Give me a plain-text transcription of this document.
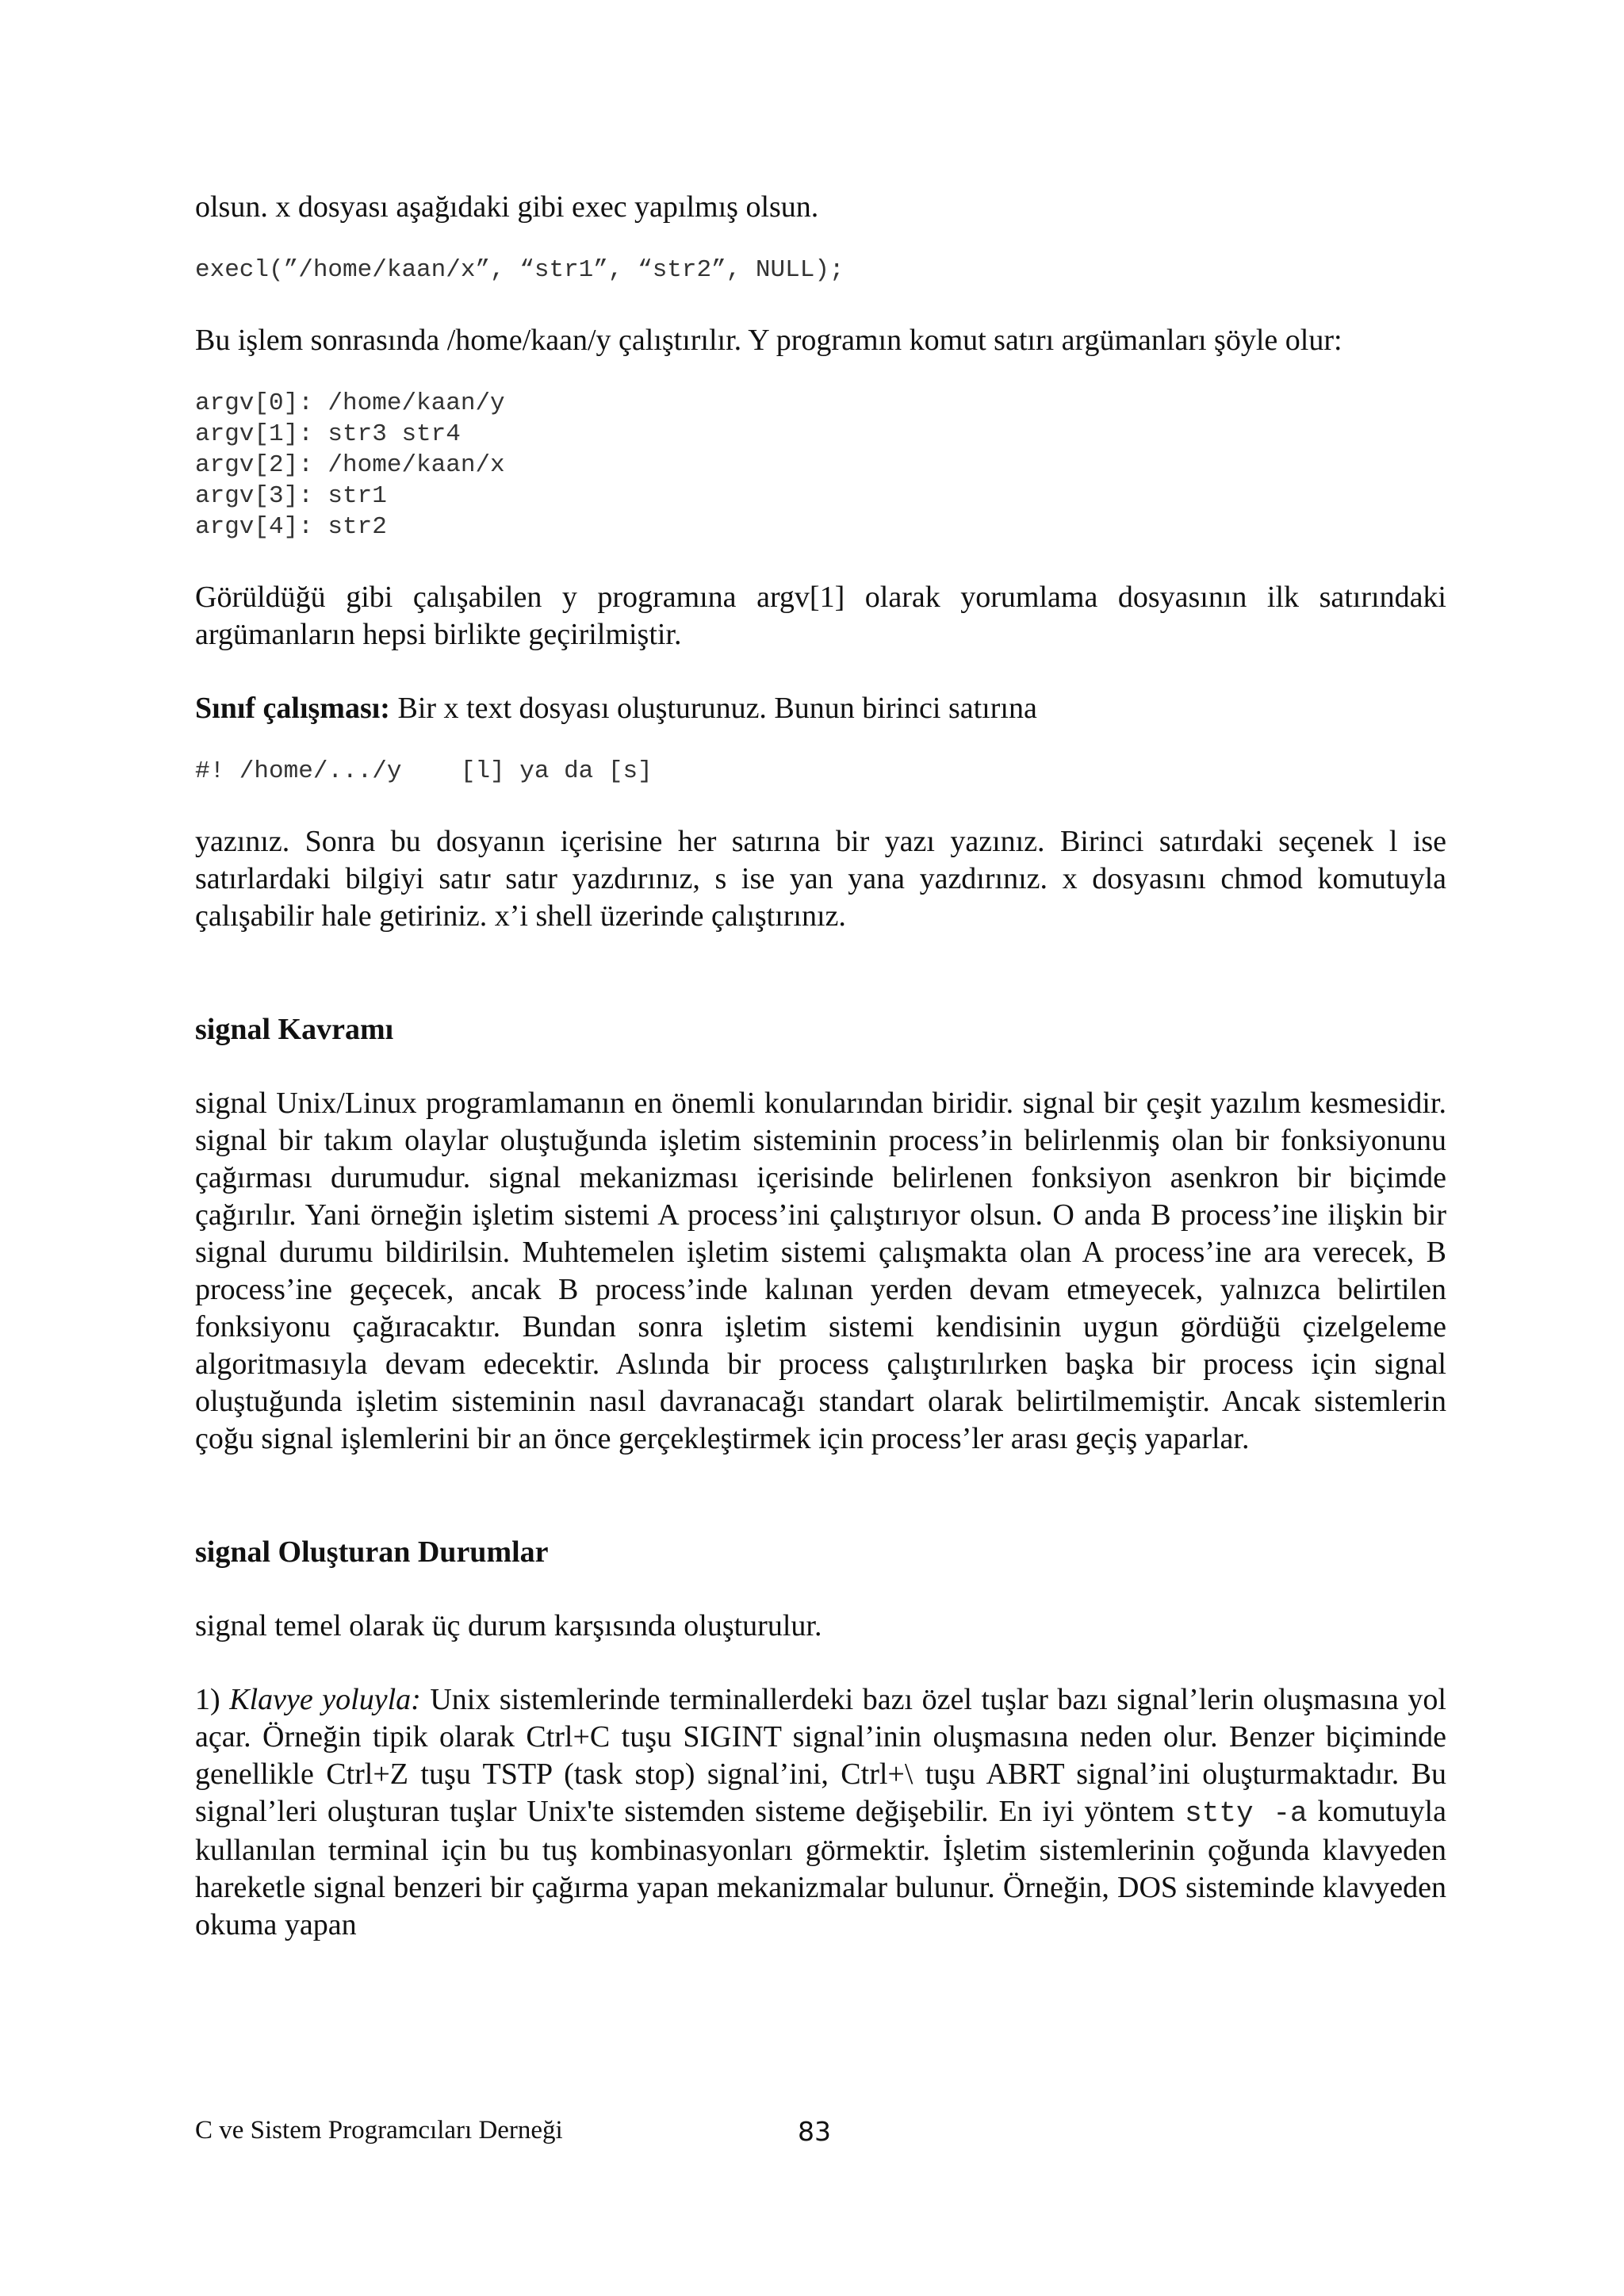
olsun. x dosyası aşağıdaki gibi exec yapılmış olsun.

execl(”/home/kaan/x”, “str1”, “str2”, NULL);

Bu işlem sonrasında /home/kaan/y çalıştırılır. Y programın komut satırı argümanları şöyle olur:

argv[0]: /home/kaan/y
argv[1]: str3 str4
argv[2]: /home/kaan/x
argv[3]: str1
argv[4]: str2

Görüldüğü gibi çalışabilen y programına argv[1] olarak yorumlama dosyasının ilk satırındaki argümanların hepsi birlikte geçirilmiştir.

Sınıf çalışması: Bir x text dosyası oluşturunuz. Bunun birinci satırına

#! /home/.../y    [l] ya da [s]

yazınız. Sonra bu dosyanın içerisine her satırına bir yazı yazınız. Birinci satırdaki seçenek l ise satırlardaki bilgiyi satır satır yazdırınız, s ise yan yana yazdırınız. x dosyasını chmod komutuyla çalışabilir hale getiriniz. x’i shell üzerinde çalıştırınız.

signal Kavramı

signal Unix/Linux programlamanın en önemli konularından biridir. signal bir çeşit yazılım kesmesidir. signal bir takım olaylar oluştuğunda işletim sisteminin process’in belirlenmiş olan bir fonksiyonunu çağırması durumudur. signal mekanizması içerisinde belirlenen fonksiyon asenkron bir biçimde çağırılır. Yani örneğin işletim sistemi A process’ini çalıştırıyor olsun. O anda B process’ine ilişkin bir signal durumu bildirilsin. Muhtemelen işletim sistemi çalışmakta olan A process’ine ara verecek, B process’ine geçecek, ancak B process’inde kalınan yerden devam etmeyecek, yalnızca belirtilen fonksiyonu çağıracaktır. Bundan sonra işletim sistemi kendisinin uygun gördüğü çizelgeleme algoritmasıyla devam edecektir. Aslında bir process çalıştırılırken başka bir process için signal oluştuğunda işletim sisteminin nasıl davranacağı standart olarak belirtilmemiştir. Ancak sistemlerin çoğu signal işlemlerini bir an önce gerçekleştirmek için process’ler arası geçiş yaparlar.

signal Oluşturan Durumlar

signal temel olarak üç durum karşısında oluşturulur.

1) Klavye yoluyla: Unix sistemlerinde terminallerdeki bazı özel tuşlar bazı signal’lerin oluşmasına yol açar. Örneğin tipik olarak Ctrl+C tuşu SIGINT signal’inin oluşmasına neden olur. Benzer biçiminde genellikle Ctrl+Z tuşu TSTP (task stop) signal’ini, Ctrl+\ tuşu ABRT signal’ini oluşturmaktadır. Bu signal’leri oluşturan tuşlar Unix'te sistemden sisteme değişebilir. En iyi yöntem stty -a komutuyla kullanılan terminal için bu tuş kombinasyonları görmektir. İşletim sistemlerinin çoğunda klavyeden hareketle signal benzeri bir çağırma yapan mekanizmalar bulunur. Örneğin, DOS sisteminde klavyeden okuma yapan

C ve Sistem Programcıları Derneği	83
